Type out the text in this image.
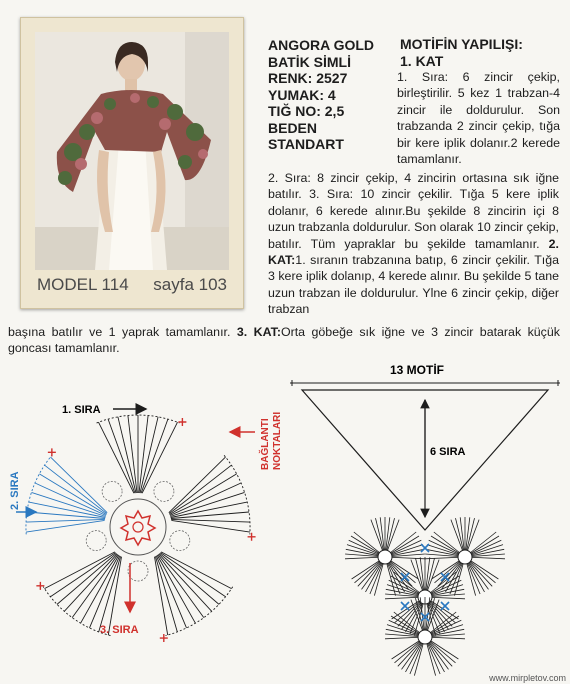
MODEL 114 sayfa 103
ANGORA GOLD
BATİK SİMLİ
RENK: 2527
YUMAK: 4
TIĞ NO: 2,5
BEDEN
STANDART
MOTİFİN YAPILIŞI:
1. KAT
1. Sıra: 6 zincir çekip, birleştirilir. 5 kez 1 trabzan-4 zincir ile doldurulur. Son trabzanda 2 zincir çekip, tığa bir kere iplik dolanır.2 kerede tamamlanır.
2. Sıra: 8 zincir çekip, 4 zincirin ortasına sık iğne batılır. 3. Sıra: 10 zincir çekilir. Tığa 5 kere iplik dolanır, 6 kerede alınır.Bu şekilde 8 zincirin içi 8 uzun trabzanla doldurulur. Son olarak 10 zincir çekip, batılır. Tüm yapraklar bu şekilde tamamlanır. 2. KAT:1. sıranın trabzanına batıp, 6 zincir çekilir. Tığa 3 kere iplik dolanıp, 4 kerede alınır. Bu şekilde 5 tane uzun trabzan ile doldurulur. Ylne 6 zincir çekip, diğer trabzan
başına batılır ve 1 yaprak tamamlanır. 3. KAT:Orta göbeğe sık iğne ve 3 zincir batarak küçük goncası tamamlanır.
1. SIRA
2. SIRA
3. SIRA
BAĞLANTI NOKTALARI
13 MOTİF
6 SIRA
www.mirpletov.com
